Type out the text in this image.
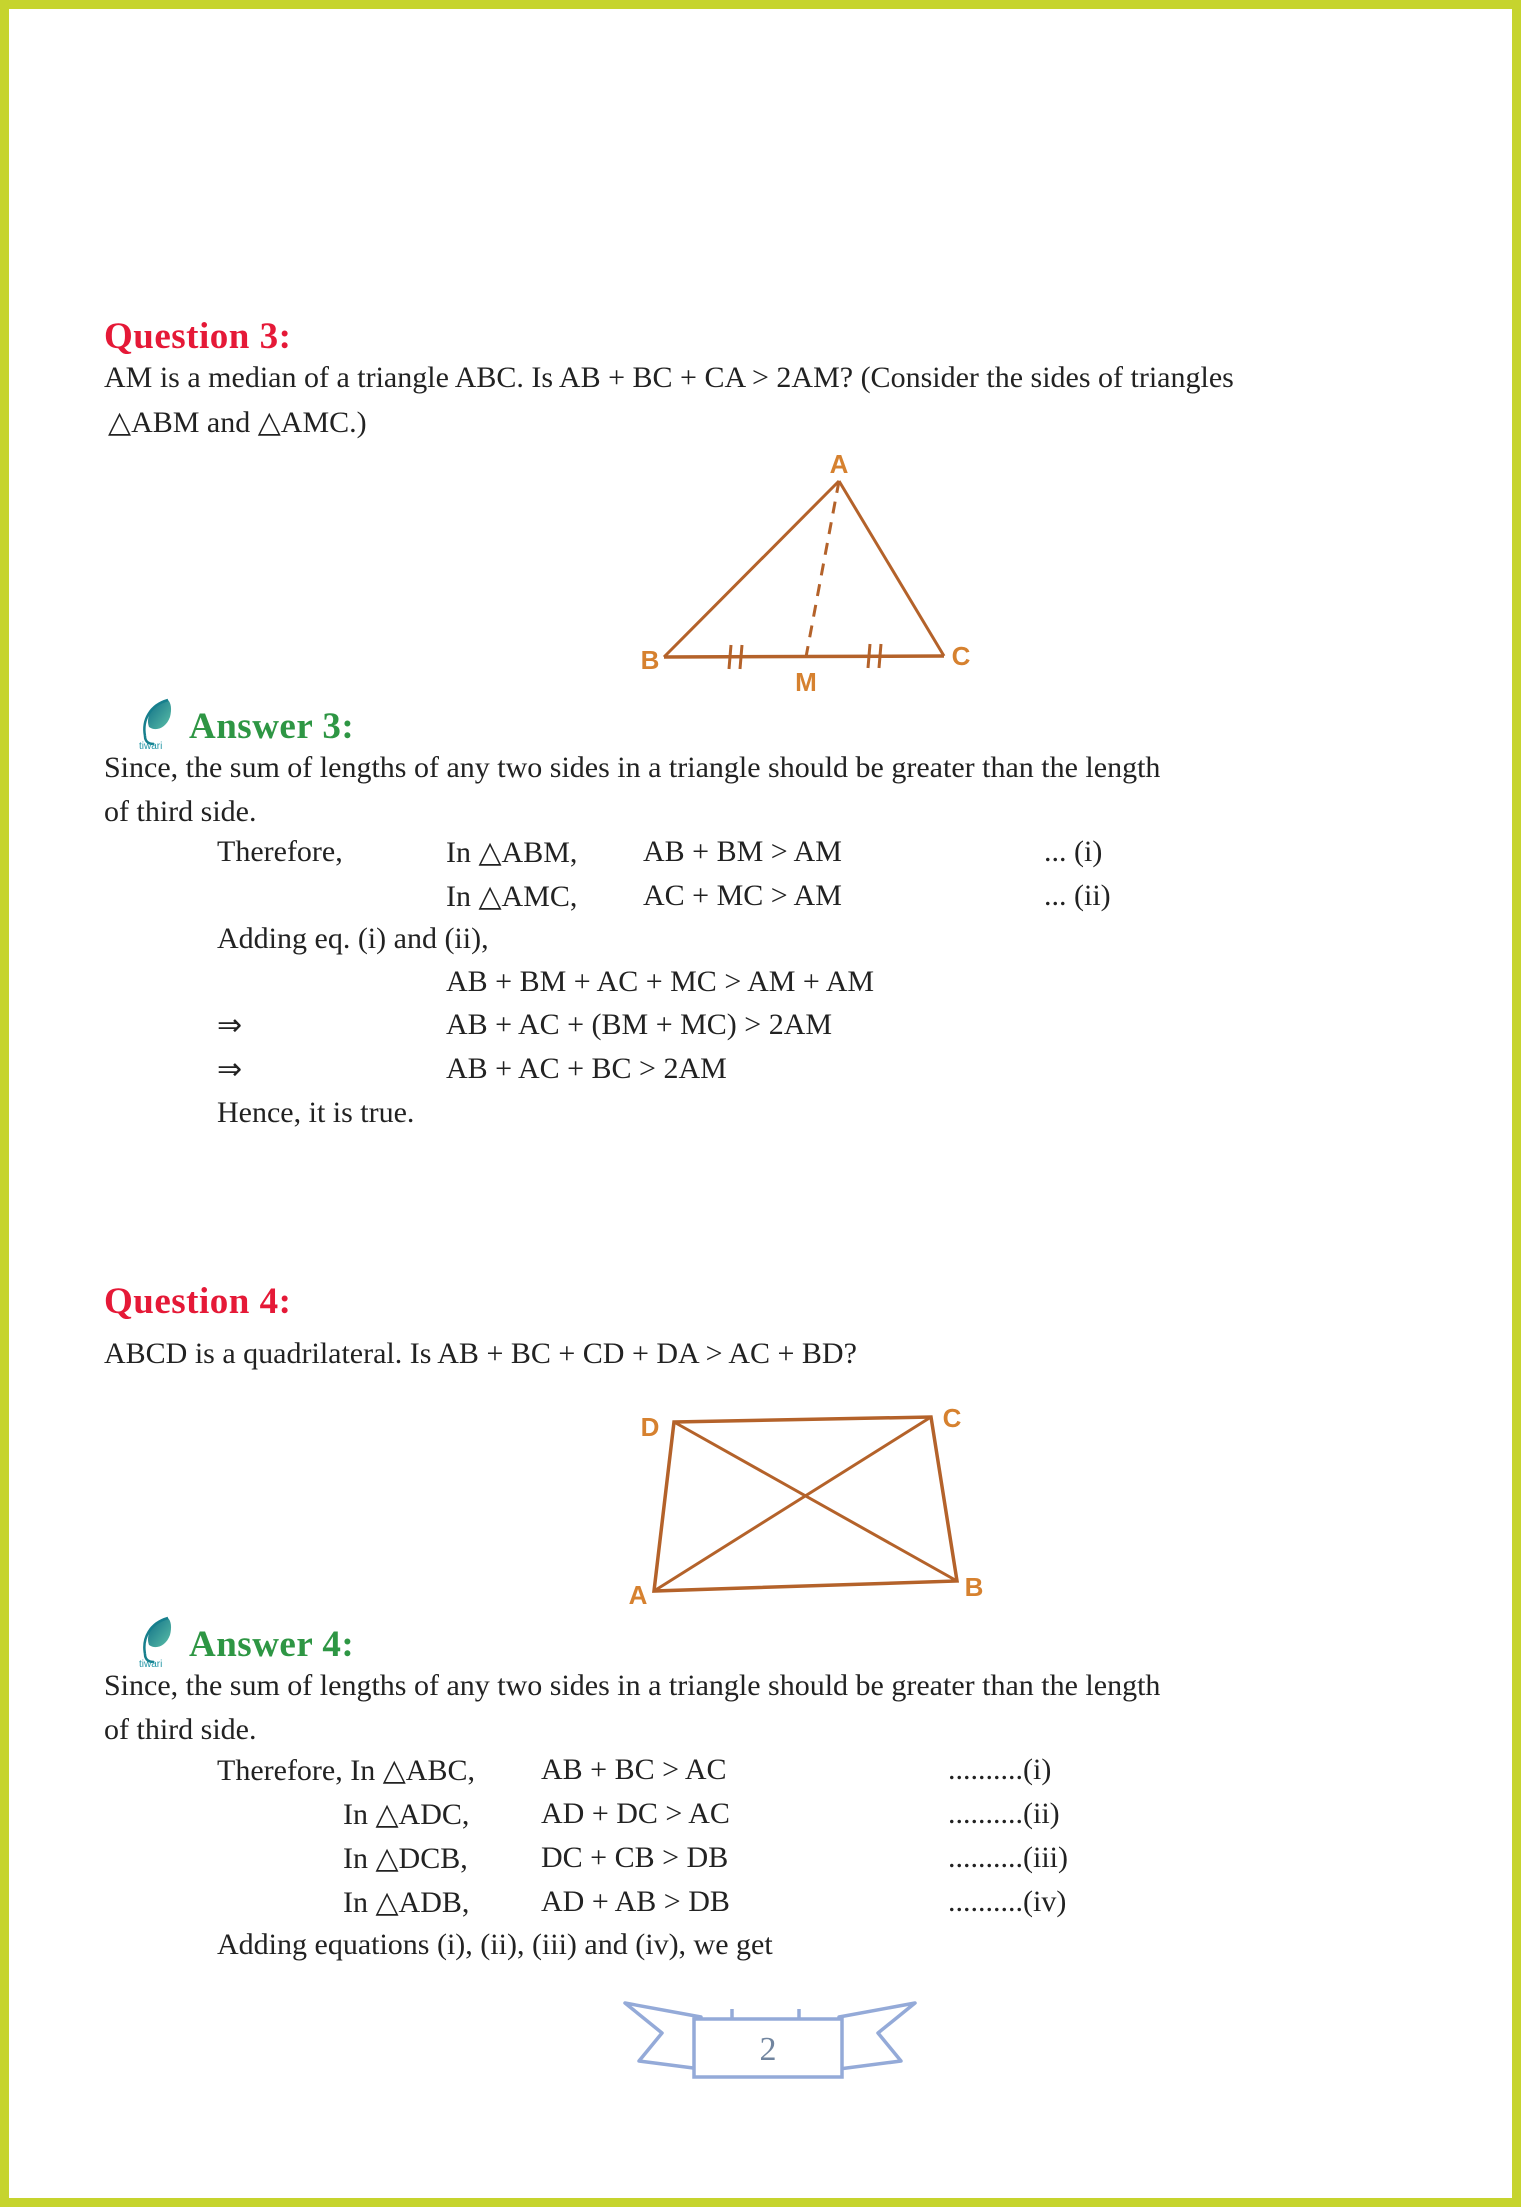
Question 3:
AM is a median of a triangle ABC. Is AB + BC + CA > 2AM? (Consider the sides of triangles
△ABM and △AMC.)
A
B	C
M
tiwari Answer 3:
Since, the sum of lengths of any two sides in a triangle should be greater than the length
of third side.
Therefore,	In △ABM, AB + BM > AM	... (i)
In △AMC, AC + MC > AM	... (ii)
Adding eq. (i) and (ii),
AB + BM + AC + MC > AM + AM
⇒	AB + AC + (BM + MC) > 2AM
⇒	AB + AC + BC > 2AM
Hence, it is true.
Question 4:
ABCD is a quadrilateral. Is AB + BC + CD + DA > AC + BD?
D	C
B
A
tiwari Answer 4:
Since, the sum of lengths of any two sides in a triangle should be greater than the length
of third side.
Therefore, In △ABC, AB + BC > AC	..........(i)
In △ADC, AD + DC > AC	..........(ii)
In △DCB, DC + CB > DB	..........(iii)
In △ADB, AD + AB > DB	..........(iv)
Adding equations (i), (ii), (iii) and (iv), we get
2
